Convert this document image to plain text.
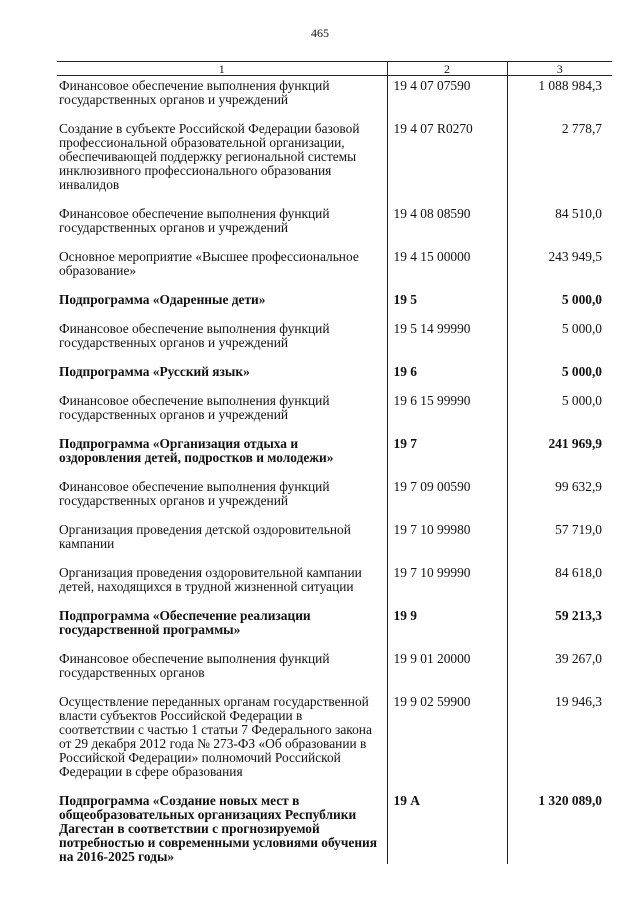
465
1	2	3
Финансовое обеспечение выполнения функций государственных органов и учреждений	19 4 07 07590	1 088 984,3
Создание в субъекте Российской Федерации базовой профессиональной образовательной организации, обеспечивающей поддержку региональной системы инклюзивного профессионального образования инвалидов	19 4 07 R0270	2 778,7
Финансовое обеспечение выполнения функций государственных органов и учреждений	19 4 08 08590	84 510,0
Основное мероприятие «Высшее профессиональное образование»	19 4 15 00000	243 949,5
Подпрограмма «Одаренные дети»	19 5	5 000,0
Финансовое обеспечение выполнения функций государственных органов и учреждений	19 5 14 99990	5 000,0
Подпрограмма «Русский язык»	19 6	5 000,0
Финансовое обеспечение выполнения функций государственных органов и учреждений	19 6 15 99990	5 000,0
Подпрограмма «Организация отдыха и оздоровления детей, подростков и молодежи»	19 7	241 969,9
Финансовое обеспечение выполнения функций государственных органов и учреждений	19 7 09 00590	99 632,9
Организация проведения детской оздоровительной кампании	19 7 10 99980	57 719,0
Организация проведения оздоровительной кампании детей, находящихся в трудной жизненной ситуации	19 7 10 99990	84 618,0
Подпрограмма «Обеспечение реализации государственной программы»	19 9	59 213,3
Финансовое обеспечение выполнения функций государственных органов	19 9 01 20000	39 267,0
Осуществление переданных органам государственной власти субъектов Российской Федерации в соответствии с частью 1 статьи 7 Федерального закона от 29 декабря 2012 года № 273-ФЗ «Об образовании в Российской Федерации» полномочий Российской Федерации в сфере образования	19 9 02 59900	19 946,3
Подпрограмма «Создание новых мест в общеобразовательных организациях Республики Дагестан в соответствии с прогнозируемой потребностью и современными условиями обучения на 2016-2025 годы»	19 А	1 320 089,0
